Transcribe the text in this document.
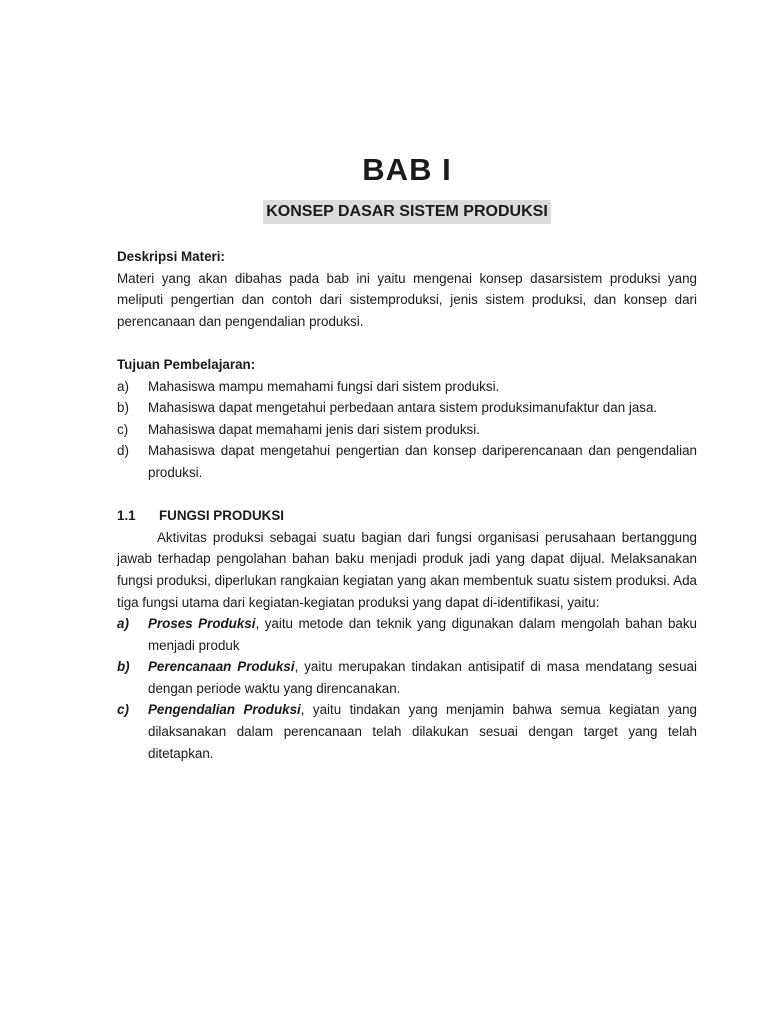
BAB I
KONSEP DASAR SISTEM PRODUKSI
Deskripsi Materi:
Materi yang akan dibahas pada bab ini yaitu mengenai konsep dasarsistem produksi yang meliputi pengertian dan contoh dari sistemproduksi, jenis sistem produksi, dan konsep dari perencanaan dan pengendalian produksi.
Tujuan Pembelajaran:
a)	Mahasiswa mampu memahami fungsi dari sistem produksi.
b)	Mahasiswa dapat mengetahui perbedaan antara sistem produksimanufaktur dan jasa.
c)	Mahasiswa dapat memahami jenis dari sistem produksi.
d)	Mahasiswa dapat mengetahui pengertian dan konsep dariperencanaan dan pengendalian produksi.
1.1	FUNGSI PRODUKSI
Aktivitas produksi sebagai suatu bagian dari fungsi organisasi perusahaan bertanggung jawab terhadap pengolahan bahan baku menjadi produk jadi yang dapat dijual. Melaksanakan fungsi produksi, diperlukan rangkaian kegiatan yang akan membentuk suatu sistem produksi. Ada tiga fungsi utama dari kegiatan-kegiatan produksi yang dapat di-identifikasi, yaitu:
a)	Proses Produksi, yaitu metode dan teknik yang digunakan dalam mengolah bahan baku menjadi produk
b)	Perencanaan Produksi, yaitu merupakan tindakan antisipatif di masa mendatang sesuai dengan periode waktu yang direncanakan.
c)	Pengendalian Produksi, yaitu tindakan yang menjamin bahwa semua kegiatan yang dilaksanakan dalam perencanaan telah dilakukan sesuai dengan target yang telah ditetapkan.
